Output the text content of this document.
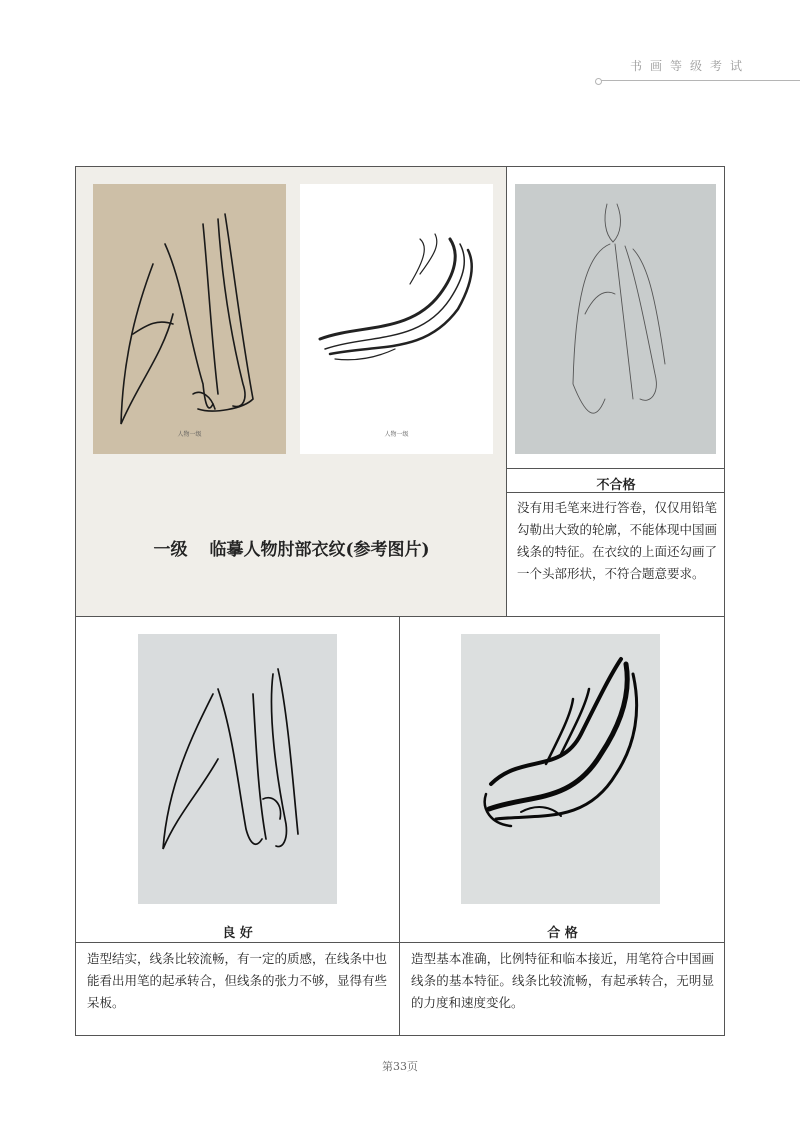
书画等级考试
人物一级	人物一级
一级 临摹人物肘部衣纹(参考图片)
不合格
没有用毛笔来进行答卷，仅仅用铅笔勾勒出大致的轮廓，不能体现中国画线条的特征。在衣纹的上面还勾画了一个头部形状，不符合题意要求。
良 好
造型结实，线条比较流畅，有一定的质感，在线条中也能看出用笔的起承转合，但线条的张力不够，显得有些呆板。
合 格
造型基本准确，比例特征和临本接近，用笔符合中国画线条的基本特征。线条比较流畅，有起承转合，无明显的力度和速度变化。
第33页
